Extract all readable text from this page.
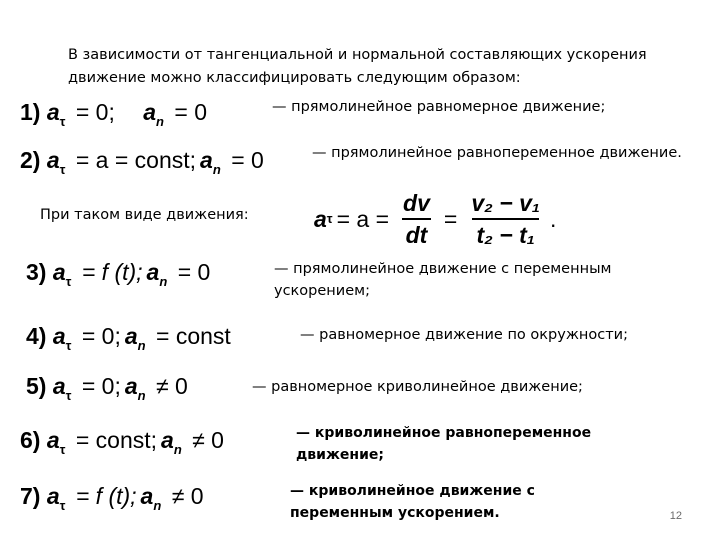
В зависимости от тангенциальной и нормальной составляющих ускорения
движение можно классифицировать следующим образом:
1) $a_\tau = 0$; $a_n = 0$	— прямолинейное равномерное движение;
2) $a_\tau = a$ = const; $a_n = 0$	— прямолинейное равнопеременное движение.
При таком виде движения:	a $\tau = a = \frac{dv}{dt} = \frac{\text{v₂ − v₁}}{\text{t₂ − t₁}}$ .
3) $a_\tau = f$ (t); $a_n = 0$	— прямолинейное движение с переменным
ускорением;
4) $a_\tau = 0$; $a_n$ = const	— равномерное движение по окружности;
5) $a_\tau = 0$; $a_n \ne 0$	— равномерное криволинейное движение;
6) $a_\tau$ = const; $a_n \ne 0$	— криволинейное равнопеременное
движение;
7) $a_\tau = f$ (t); $a_n \ne 0$	— криволинейное движение с
переменным ускорением.	12
